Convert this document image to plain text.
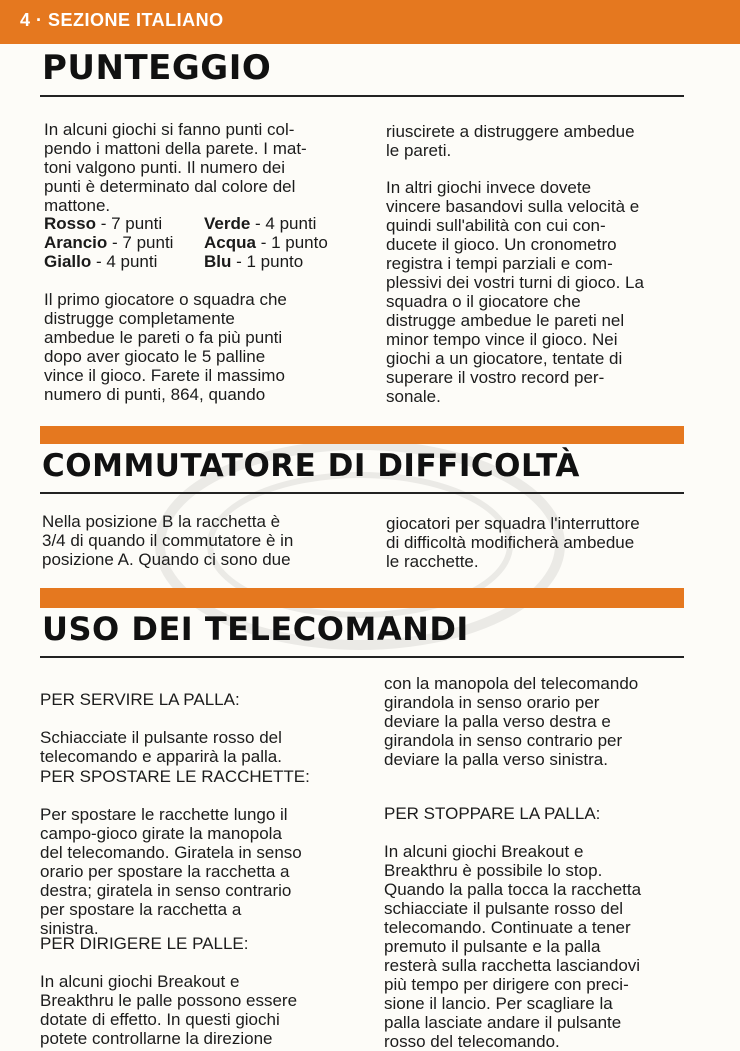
4 · SEZIONE ITALIANO
PUNTEGGIO
In alcuni giochi si fanno punti col-
pendo i mattoni della parete. I mat-
toni valgono punti. Il numero dei
punti è determinato dal colore del
mattone.
Rosso - 7 punti	Verde - 4 punti
Arancio - 7 punti	Acqua - 1 punto
Giallo - 4 punti	Blu - 1 punto
Il primo giocatore o squadra che
distrugge completamente
ambedue le pareti o fa più punti
dopo aver giocato le 5 palline
vince il gioco. Farete il massimo
numero di punti, 864, quando
riuscirete a distruggere ambedue
le pareti.
In altri giochi invece dovete
vincere basandovi sulla velocità e
quindi sull'abilità con cui con-
ducete il gioco. Un cronometro
registra i tempi parziali e com-
plessivi dei vostri turni di gioco. La
squadra o il giocatore che
distrugge ambedue le pareti nel
minor tempo vince il gioco. Nei
giochi a un giocatore, tentate di
superare il vostro record per-
sonale.
COMMUTATORE DI DIFFICOLTÀ
Nella posizione B la racchetta è
3/4 di quando il commutatore è in
posizione A. Quando ci sono due
giocatori per squadra l'interruttore
di difficoltà modificherà ambedue
le racchette.
USO DEI TELECOMANDI

PER SERVIRE LA PALLA:

Schiacciate il pulsante rosso del
telecomando e apparirà la palla.

PER SPOSTARE LE RACCHETTE:

Per spostare le racchette lungo il
campo-gioco girate la manopola
del telecomando. Giratela in senso
orario per spostare la racchetta a
destra; giratela in senso contrario
per spostare la racchetta a
sinistra.

PER DIRIGERE LE PALLE:

In alcuni giochi Breakout e
Breakthru le palle possono essere
dotate di effetto. In questi giochi
potete controllarne la direzione

con la manopola del telecomando
girandola in senso orario per
deviare la palla verso destra e
girandola in senso contrario per
deviare la palla verso sinistra.

PER STOPPARE LA PALLA:

In alcuni giochi Breakout e
Breakthru è possibile lo stop.
Quando la palla tocca la racchetta
schiacciate il pulsante rosso del
telecomando. Continuate a tener
premuto il pulsante e la palla
resterà sulla racchetta lasciandovi
più tempo per dirigere con preci-
sione il lancio. Per scagliare la
palla lasciate andare il pulsante
rosso del telecomando.
